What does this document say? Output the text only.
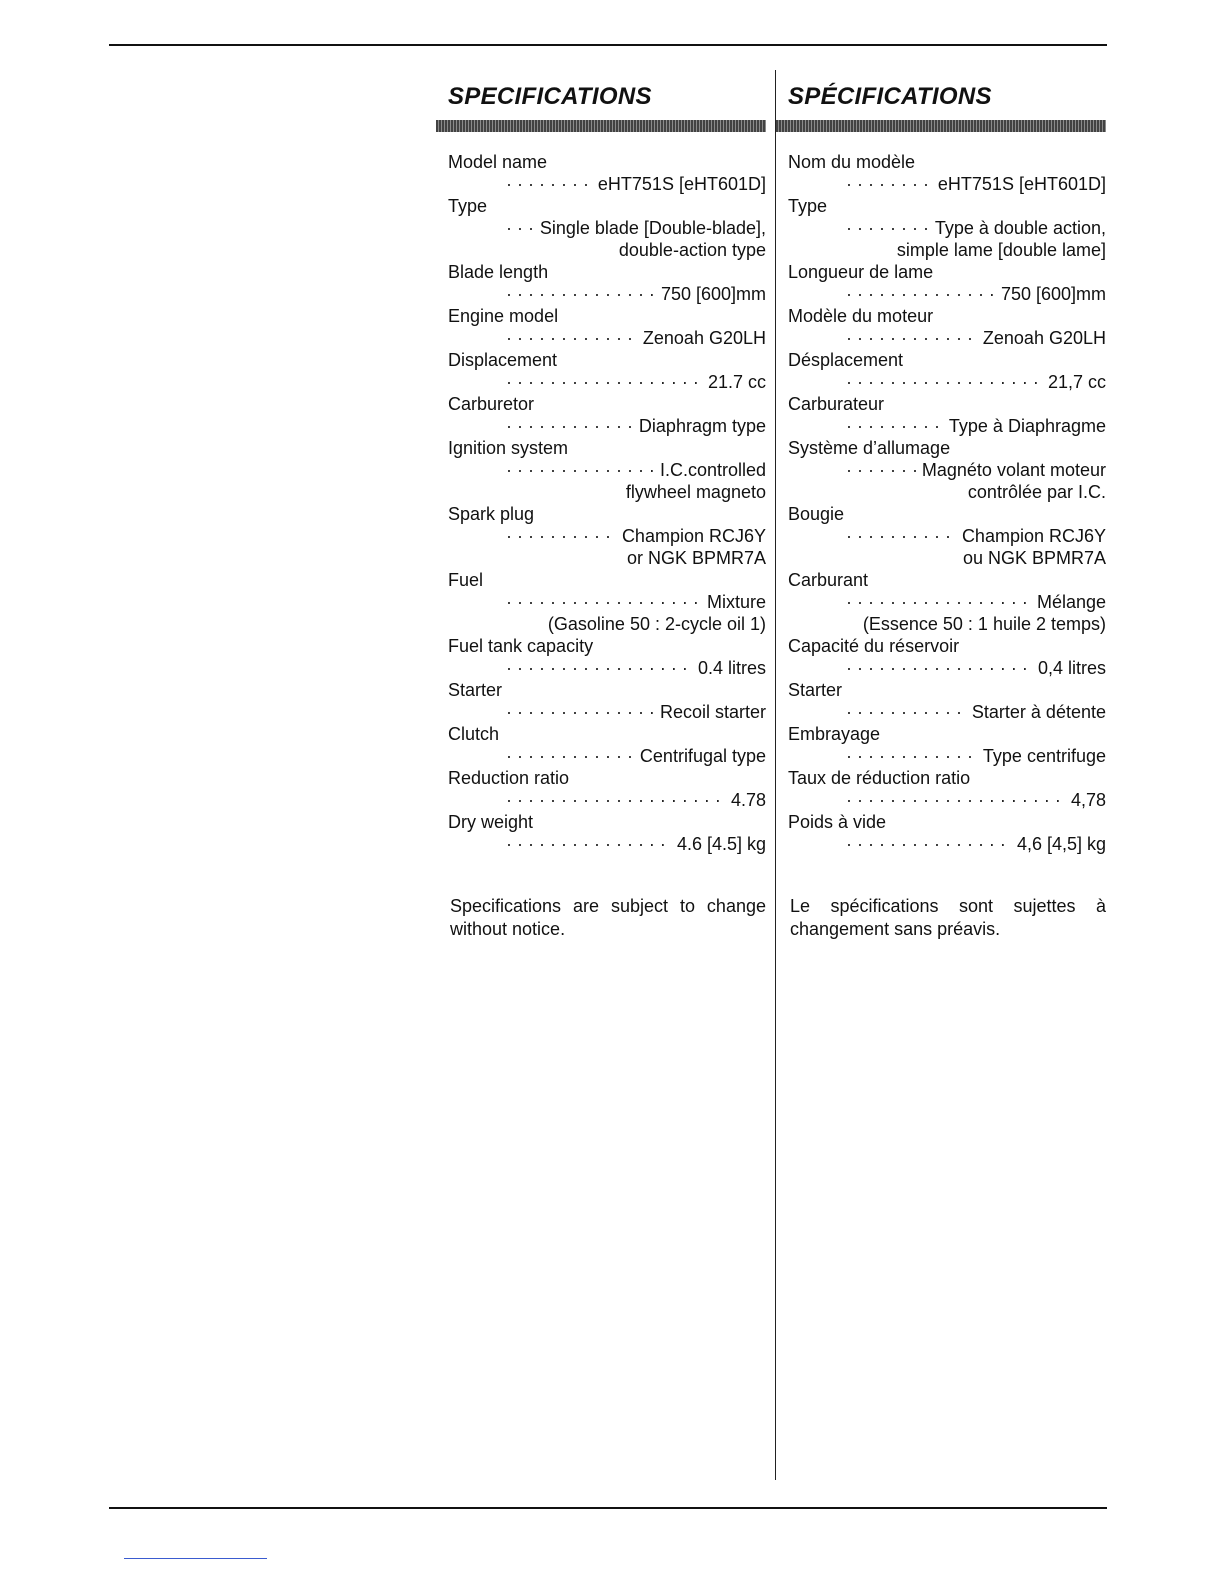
SPECIFICATIONS
Model name
· · ·
eHT751S [eHT601D]
Type
· · ·
Single blade [Double-blade],
double-action type
Blade length
· · ·
750 [600]mm
Engine model
· · ·
Zenoah G20LH
Displacement
· · ·
21.7 cc
Carburetor
· · ·
Diaphragm type
Ignition system
· · ·
I.C.controlled
flywheel magneto
Spark plug
· · ·
Champion RCJ6Y
or NGK BPMR7A
Fuel
· · ·
Mixture
(Gasoline 50 : 2-cycle oil 1)
Fuel tank capacity
· · ·
0.4 litres
Starter
· · ·
Recoil starter
Clutch
· · ·
Centrifugal type
Reduction ratio
· · ·
4.78
Dry weight
· · ·
4.6 [4.5] kg
Specifications are subject to change without notice.
SPÉCIFICATIONS
Nom du modèle
· · ·
eHT751S [eHT601D]
Type
· · ·
Type à double action,
simple lame [double lame]
Longueur de lame
· · ·
750 [600]mm
Modèle du moteur
· · ·
Zenoah G20LH
Désplacement
· · ·
21,7 cc
Carburateur
· · ·
Type à Diaphragme
Système d’allumage
· · ·
Magnéto volant moteur
contrôlée par I.C.
Bougie
· · ·
Champion RCJ6Y
ou NGK BPMR7A
Carburant
· · ·
Mélange
(Essence 50 : 1 huile 2 temps)
Capacité du réservoir
· · ·
0,4 litres
Starter
· · ·
Starter à détente
Embrayage
· · ·
Type centrifuge
Taux de réduction ratio
· · ·
4,78
Poids à vide
· · ·
4,6 [4,5] kg
Le spécifications sont sujettes à changement sans préavis.
